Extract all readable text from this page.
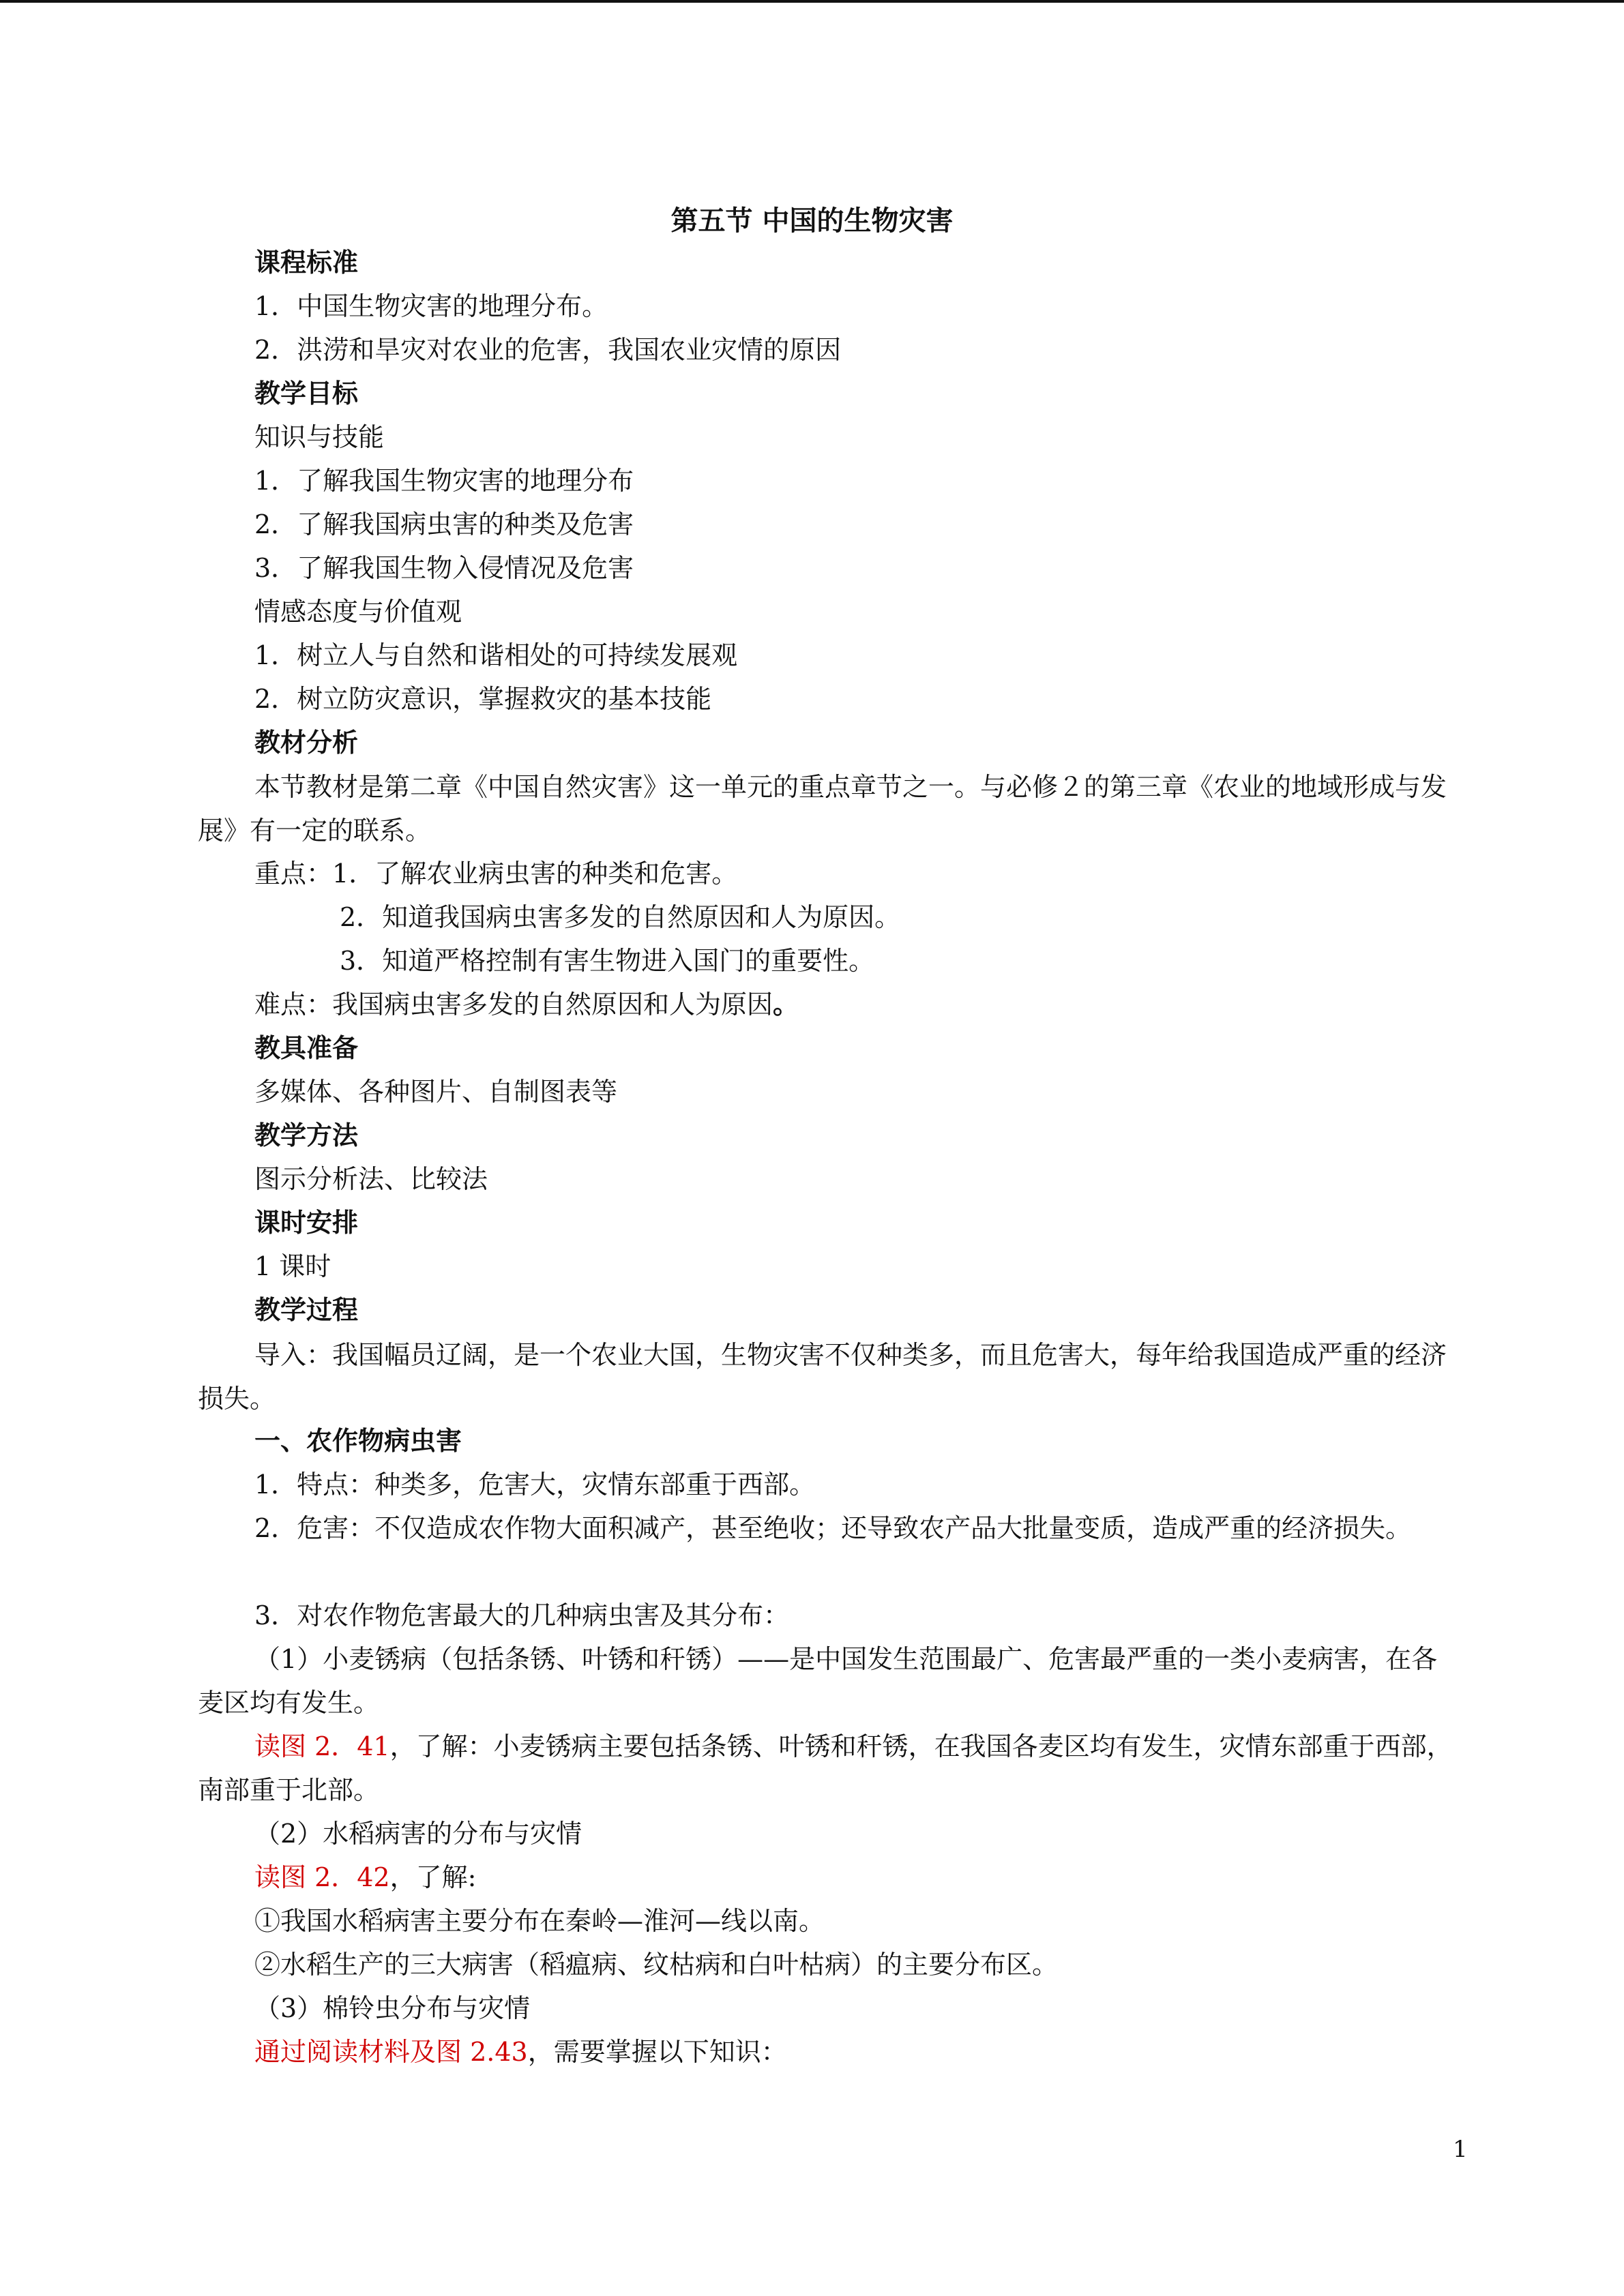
第五节 中国的生物灾害
课程标准
1．中国生物灾害的地理分布。
2．洪涝和旱灾对农业的危害，我国农业灾情的原因
教学目标
知识与技能
1．了解我国生物灾害的地理分布
2．了解我国病虫害的种类及危害
3．了解我国生物入侵情况及危害
情感态度与价值观
1．树立人与自然和谐相处的可持续发展观
2．树立防灾意识，掌握救灾的基本技能
教材分析
本节教材是第二章《中国自然灾害》这一单元的重点章节之一。与必修２的第三章《农业的地域形成与发展》有一定的联系。
重点：1．了解农业病虫害的种类和危害。
2．知道我国病虫害多发的自然原因和人为原因。
3．知道严格控制有害生物进入国门的重要性。
难点：我国病虫害多发的自然原因和人为原因。
教具准备
多媒体、各种图片、自制图表等
教学方法
图示分析法、比较法
课时安排
1 课时
教学过程
导入：我国幅员辽阔，是一个农业大国，生物灾害不仅种类多，而且危害大，每年给我国造成严重的经济损失。
一、农作物病虫害
1．特点：种类多，危害大，灾情东部重于西部。
2．危害：不仅造成农作物大面积减产，甚至绝收；还导致农产品大批量变质，造成严重的经济损失。
3．对农作物危害最大的几种病虫害及其分布：
（1）小麦锈病（包括条锈、叶锈和秆锈）——是中国发生范围最广、危害最严重的一类小麦病害，在各麦区均有发生。
读图 2．41，了解：小麦锈病主要包括条锈、叶锈和秆锈，在我国各麦区均有发生，灾情东部重于西部，南部重于北部。
（2）水稻病害的分布与灾情
读图 2．42，了解:
①我国水稻病害主要分布在秦岭—淮河—线以南。
②水稻生产的三大病害（稻瘟病、纹枯病和白叶枯病）的主要分布区。
（3）棉铃虫分布与灾情
通过阅读材料及图 2.43，需要掌握以下知识：
1
